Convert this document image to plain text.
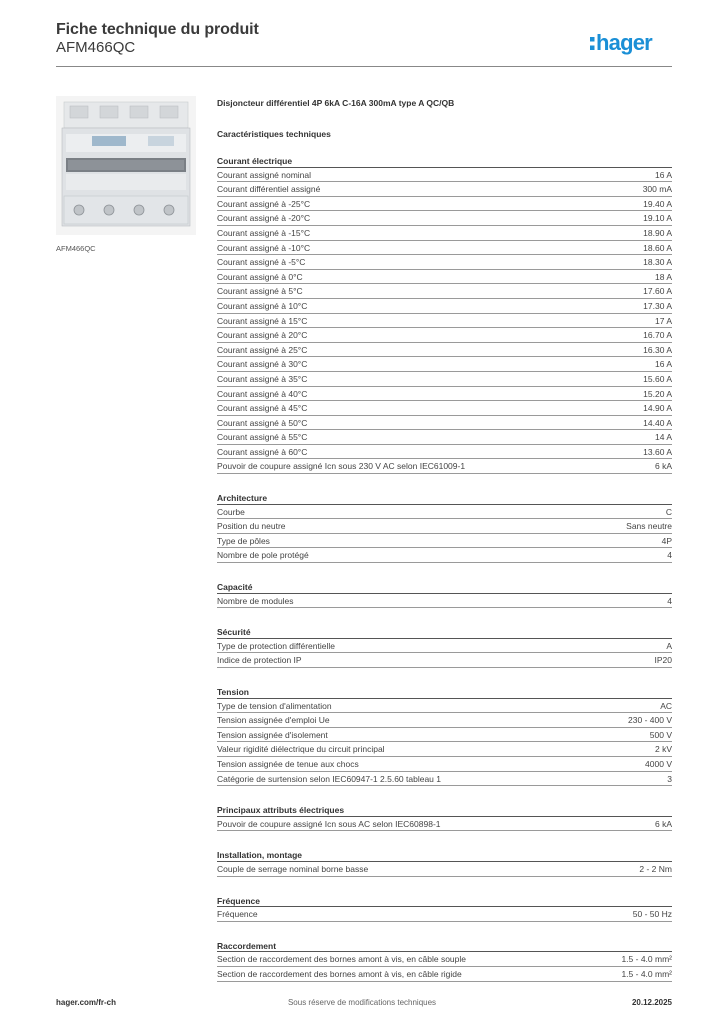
Fiche technique du produit
AFM466QC	hager
AFM466QC
Disjoncteur différentiel 4P 6kA C-16A 300mA type A QC/QB
Caractéristiques techniques
Courant électrique
Courant assigné nominal	16 A
Courant différentiel assigné	300 mA
Courant assigné à -25°C	19.40 A
Courant assigné à -20°C	19.10 A
Courant assigné à -15°C	18.90 A
Courant assigné à -10°C	18.60 A
Courant assigné à -5°C	18.30 A
Courant assigné à 0°C	18 A
Courant assigné à 5°C	17.60 A
Courant assigné à 10°C	17.30 A
Courant assigné à 15°C	17 A
Courant assigné à 20°C	16.70 A
Courant assigné à 25°C	16.30 A
Courant assigné à 30°C	16 A
Courant assigné à 35°C	15.60 A
Courant assigné à 40°C	15.20 A
Courant assigné à 45°C	14.90 A
Courant assigné à 50°C	14.40 A
Courant assigné à 55°C	14 A
Courant assigné à 60°C	13.60 A
Pouvoir de coupure assigné Icn sous 230 V AC selon IEC61009-1	6 kA
Architecture
Courbe	C
Position du neutre	Sans neutre
Type de pôles	4P
Nombre de pole protégé	4
Capacité
Nombre de modules	4
Sécurité
Type de protection différentielle	A
Indice de protection IP	IP20
Tension
Type de tension d'alimentation	AC
Tension assignée d'emploi Ue	230 - 400 V
Tension assignée d'isolement	500 V
Valeur rigidité diélectrique du circuit principal	2 kV
Tension assignée de tenue aux chocs	4000 V
Catégorie de surtension selon IEC60947-1 2.5.60 tableau 1	3
Principaux attributs électriques
Pouvoir de coupure assigné Icn sous AC selon IEC60898-1	6 kA
Installation, montage
Couple de serrage nominal borne basse	2 - 2 Nm
Fréquence
Fréquence	50 - 50 Hz
Raccordement
Section de raccordement des bornes amont à vis, en câble souple	1.5 - 4.0 mm²
Section de raccordement des bornes amont à vis, en câble rigide	1.5 - 4.0 mm²
hager.com/fr-ch	Sous réserve de modifications techniques	20.12.2025
